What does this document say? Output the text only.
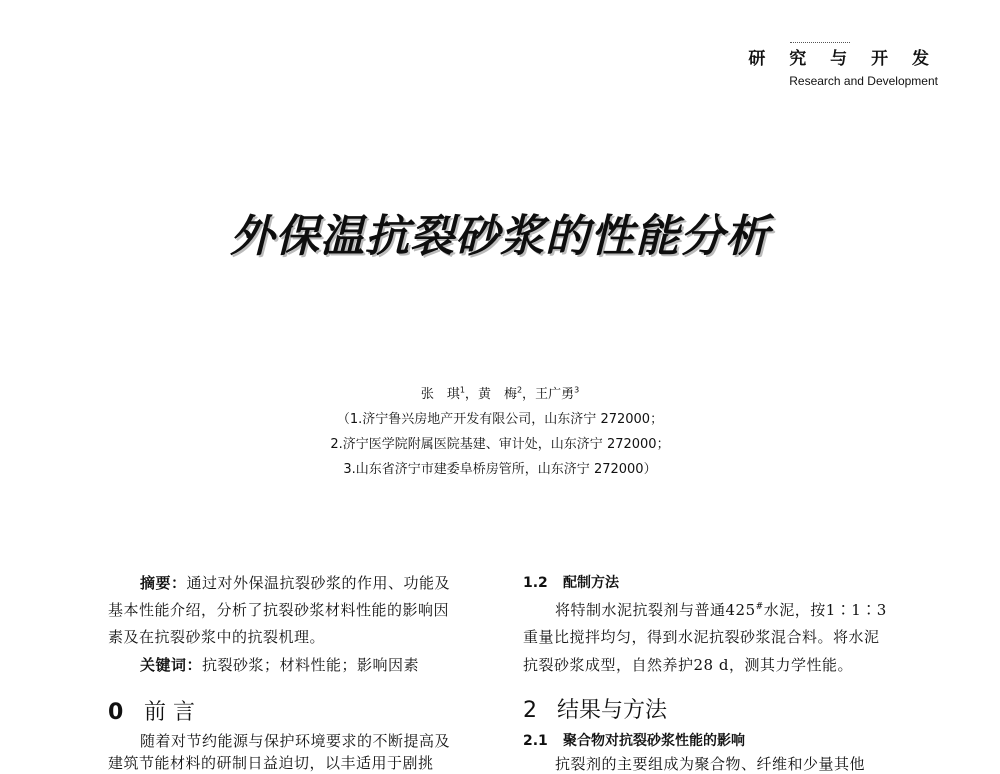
研 究 与 开 发
Research and Development
外保温抗裂砂浆的性能分析
张　琪$^1$，黄　梅$^2$，王广勇$^3$
（1.济宁鲁兴房地产开发有限公司，山东济宁 272000；
2.济宁医学院附属医院基建、审计处，山东济宁 272000；
3.山东省济宁市建委阜桥房管所，山东济宁 272000）
摘要：通过对外保温抗裂砂浆的作用、功能及
基本性能介绍，分析了抗裂砂浆材料性能的影响因
素及在抗裂砂浆中的抗裂机理。
关键词：抗裂砂浆；材料性能；影响因素
0 前 言
随着对节约能源与保护环境要求的不断提高及
建筑节能材料的研制日益迫切，以丰适用于剧挑
1.2 配制方法
将特制水泥抗裂剂与普通425#水泥，按1∶1∶3
重量比搅拌均匀，得到水泥抗裂砂浆混合料。将水泥
抗裂砂浆成型，自然养护28 d，测其力学性能。
2 结果与方法
2.1 聚合物对抗裂砂浆性能的影响
抗裂剂的主要组成为聚合物、纤维和少量其他
